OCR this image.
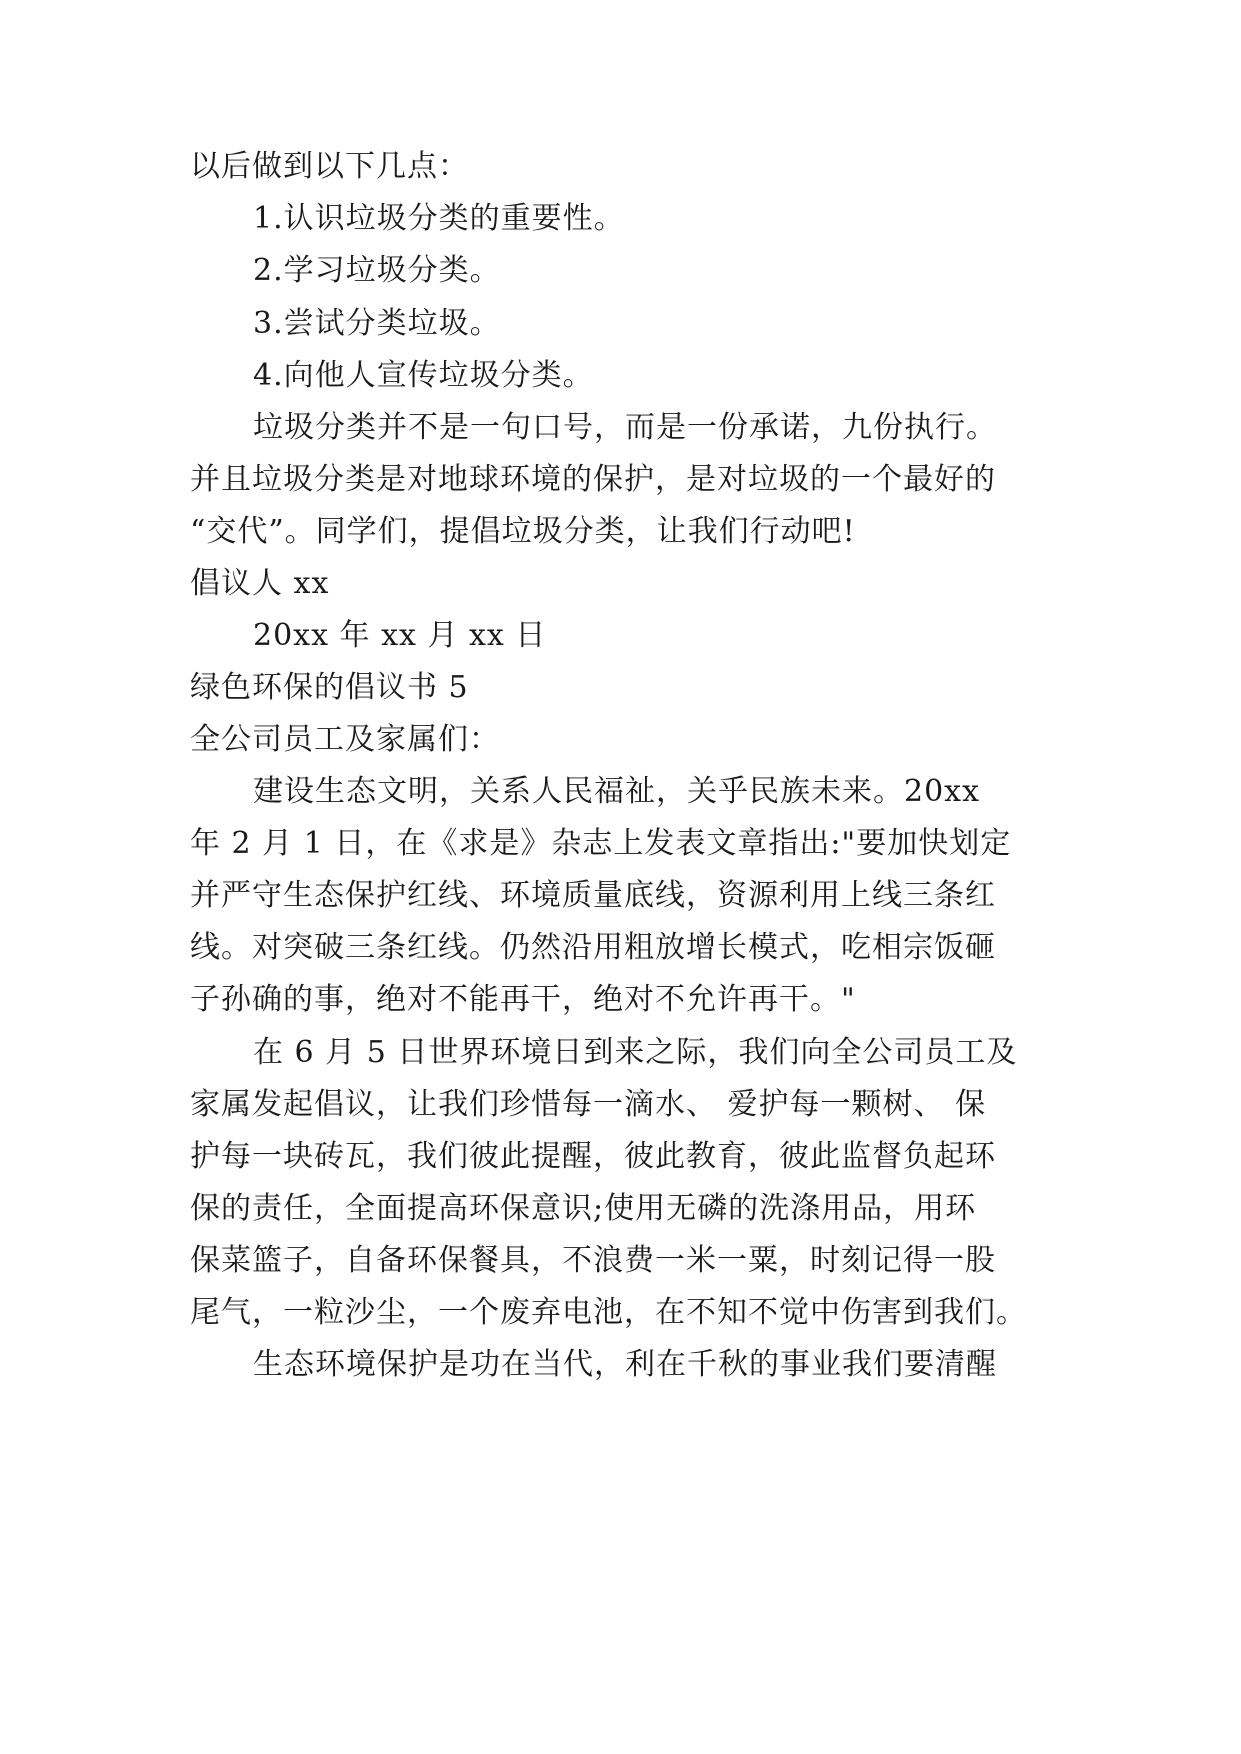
以后做到以下几点：
1.认识垃圾分类的重要性。
2.学习垃圾分类。
3.尝试分类垃圾。
4.向他人宣传垃圾分类。
垃圾分类并不是一句口号，而是一份承诺，九份执行。
并且垃圾分类是对地球环境的保护，是对垃圾的一个最好的
“交代”。同学们，提倡垃圾分类，让我们行动吧!
倡议人 xx
20xx 年 xx 月 xx 日
绿色环保的倡议书 5
全公司员工及家属们：
建设生态文明，关系人民福祉，关乎民族未来。20xx
年 2 月 1 日，在《求是》杂志上发表文章指出:"要加快划定
并严守生态保护红线、环境质量底线，资源利用上线三条红
线。对突破三条红线。仍然沿用粗放增长模式，吃相宗饭砸
子孙确的事，绝对不能再干，绝对不允许再干。"
在 6 月 5 日世界环境日到来之际，我们向全公司员工及
家属发起倡议，让我们珍惜每一滴水、 爱护每一颗树、 保
护每一块砖瓦，我们彼此提醒，彼此教育，彼此监督负起环
保的责任，全面提高环保意识;使用无磷的洗涤用品，用环
保菜篮子，自备环保餐具，不浪费一米一粟，时刻记得一股
尾气，一粒沙尘，一个废弃电池，在不知不觉中伤害到我们。
生态环境保护是功在当代，利在千秋的事业我们要清醒
